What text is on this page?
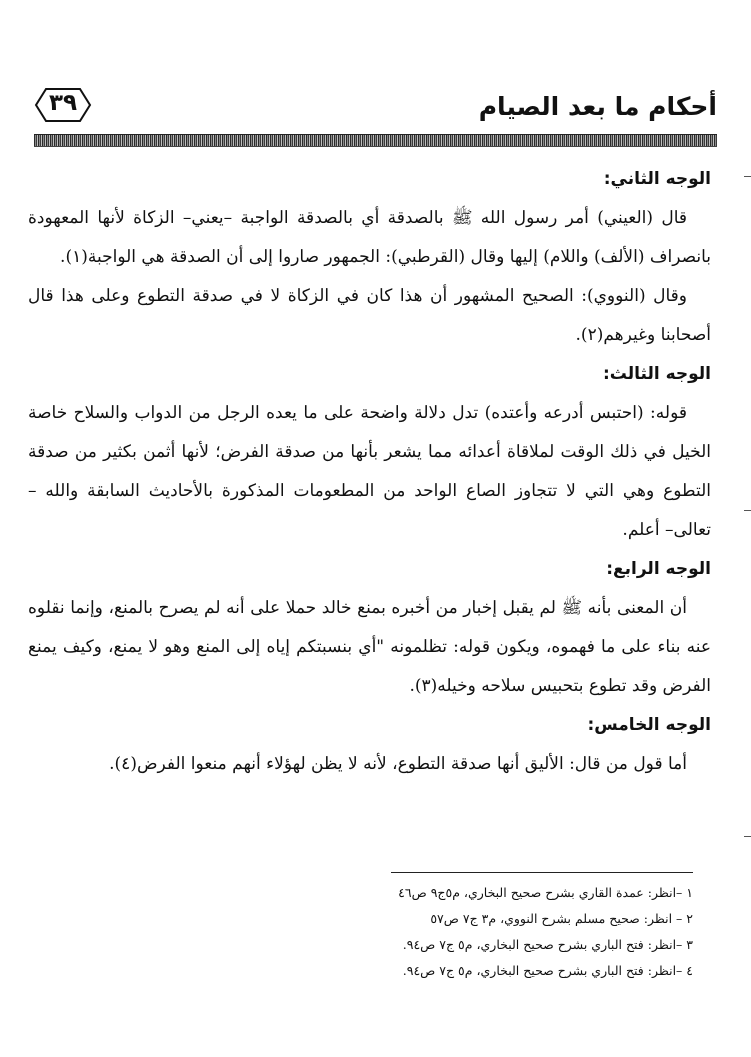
أحكام ما بعد الصيام
٣٩

الوجه الثاني:

قال (العيني) أمر رسول الله ﷺ بالصدقة أي بالصدقة الواجبة –يعني– الزكاة لأنها المعهودة بانصراف (الألف) واللام) إليها وقال (القرطبي): الجمهور صاروا إلى أن الصدقة هي الواجبة(١).

وقال (النووي): الصحيح المشهور أن هذا كان في الزكاة لا في صدقة التطوع وعلى هذا قال أصحابنا وغيرهم(٢).

الوجه الثالث:

قوله: (احتبس أدرعه وأعتده) تدل دلالة واضحة على ما يعده الرجل من الدواب والسلاح خاصة الخيل في ذلك الوقت لملاقاة أعدائه مما يشعر بأنها من صدقة الفرض؛ لأنها أثمن بكثير من صدقة التطوع وهي التي لا تتجاوز الصاع الواحد من المطعومات المذكورة بالأحاديث السابقة والله –تعالى– أعلم.

الوجه الرابع:

أن المعنى بأنه ﷺ لم يقبل إخبار من أخبره بمنع خالد حملا على أنه لم يصرح بالمنع، وإنما نقلوه عنه بناء على ما فهموه، ويكون قوله: تظلمونه "أي بنسبتكم إياه إلى المنع وهو لا يمنع، وكيف يمنع الفرض وقد تطوع بتحبيس سلاحه وخيله(٣).

الوجه الخامس:

أما قول من قال: الأليق أنها صدقة التطوع، لأنه لا يظن لهؤلاء أنهم منعوا الفرض(٤).

١ –انظر: عمدة القاري بشرح صحيح البخاري، م٥ج٩ ص٤٦

٢ – انظر: صحيح مسلم بشرح النووي، م٣ ج٧ ص٥٧

٣ –انظر: فتح الباري بشرح صحيح البخاري، م٥ ج٧ ص٩٤.

٤ –انظر: فتح الباري بشرح صحيح البخاري، م٥ ج٧ ص٩٤.
